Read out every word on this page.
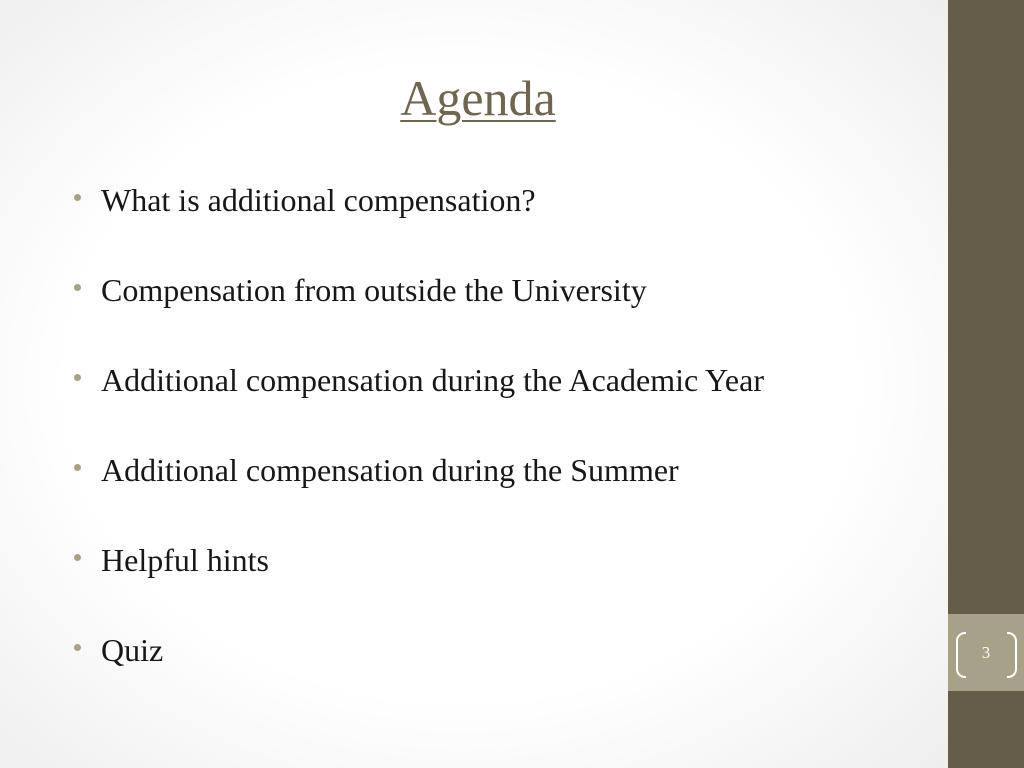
Agenda
What is additional compensation?
Compensation from outside the University
Additional compensation during the Academic Year
Additional compensation during the Summer
Helpful hints
Quiz	3
